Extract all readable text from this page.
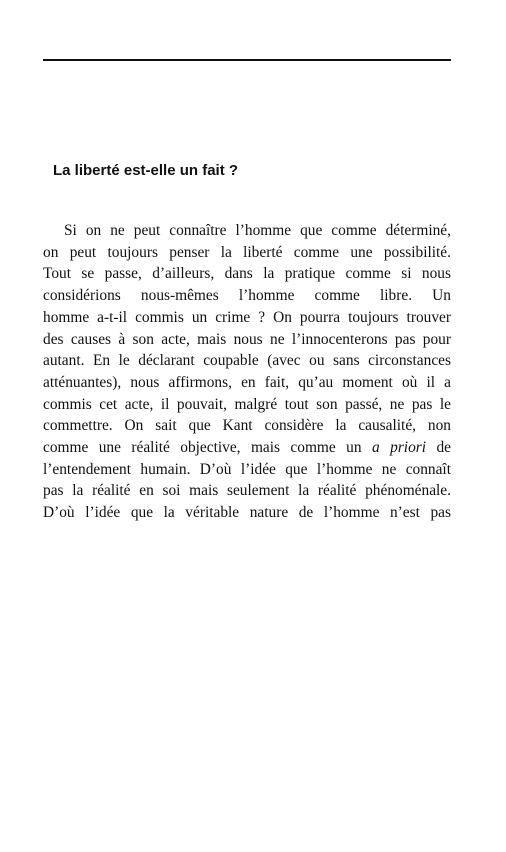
La liberté est-elle un fait ?
Si on ne peut connaître l’homme que comme déterminé,
on peut toujours penser la liberté comme une possibilité.
Tout se passe, d’ailleurs, dans la pratique comme si nous
considérions nous-mêmes l’homme comme libre. Un
homme a-t-il commis un crime ? On pourra toujours trouver
des causes à son acte, mais nous ne l’innocenterons pas pour
autant. En le déclarant coupable (avec ou sans circonstances
atténuantes), nous affirmons, en fait, qu’au moment où il a
commis cet acte, il pouvait, malgré tout son passé, ne pas le
commettre. On sait que Kant considère la causalité, non
comme une réalité objective, mais comme un a priori de
l’entendement humain. D’où l’idée que l’homme ne connaît
pas la réalité en soi mais seulement la réalité phénoménale.
D’où l’idée que la véritable nature de l’homme n’est pas
